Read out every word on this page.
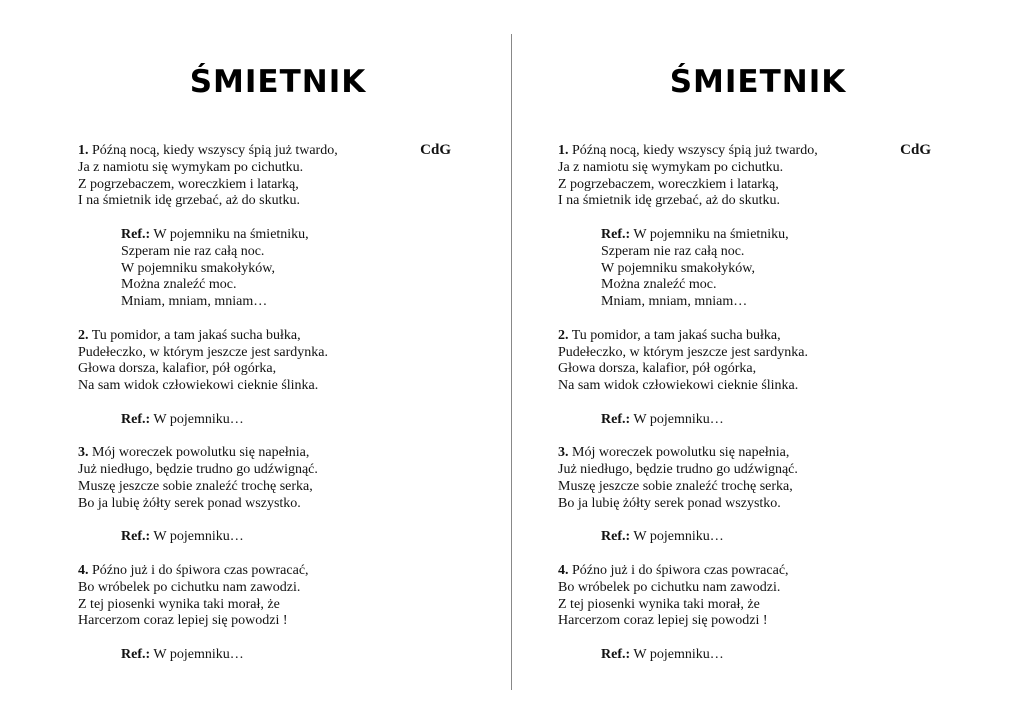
ŚMIETNIK
CdG
1. Późną nocą, kiedy wszyscy śpią już twardo,
Ja z namiotu się wymykam po cichutku.
Z pogrzebaczem, woreczkiem i latarką,
I na śmietnik idę grzebać, aż do skutku.
Ref.: W pojemniku na śmietniku,
Szperam nie raz całą noc.
W pojemniku smakołyków,
Można znaleźć moc.
Mniam, mniam, mniam…
2. Tu pomidor, a tam jakaś sucha bułka,
Pudełeczko, w którym jeszcze jest sardynka.
Głowa dorsza, kalafior, pół ogórka,
Na sam widok człowiekowi cieknie ślinka.
Ref.: W pojemniku…
3. Mój woreczek powolutku się napełnia,
Już niedługo, będzie trudno go udźwignąć.
Muszę jeszcze sobie znaleźć trochę serka,
Bo ja lubię żółty serek ponad wszystko.
Ref.: W pojemniku…
4. Późno już i do śpiwora czas powracać,
Bo wróbelek po cichutku nam zawodzi.
Z tej piosenki wynika taki morał, że
Harcerzom coraz lepiej się powodzi !
Ref.: W pojemniku…
ŚMIETNIK
CdG
1. Późną nocą, kiedy wszyscy śpią już twardo,
Ja z namiotu się wymykam po cichutku.
Z pogrzebaczem, woreczkiem i latarką,
I na śmietnik idę grzebać, aż do skutku.
Ref.: W pojemniku na śmietniku,
Szperam nie raz całą noc.
W pojemniku smakołyków,
Można znaleźć moc.
Mniam, mniam, mniam…
2. Tu pomidor, a tam jakaś sucha bułka,
Pudełeczko, w którym jeszcze jest sardynka.
Głowa dorsza, kalafior, pół ogórka,
Na sam widok człowiekowi cieknie ślinka.
Ref.: W pojemniku…
3. Mój woreczek powolutku się napełnia,
Już niedługo, będzie trudno go udźwignąć.
Muszę jeszcze sobie znaleźć trochę serka,
Bo ja lubię żółty serek ponad wszystko.
Ref.: W pojemniku…
4. Późno już i do śpiwora czas powracać,
Bo wróbelek po cichutku nam zawodzi.
Z tej piosenki wynika taki morał, że
Harcerzom coraz lepiej się powodzi !
Ref.: W pojemniku…
